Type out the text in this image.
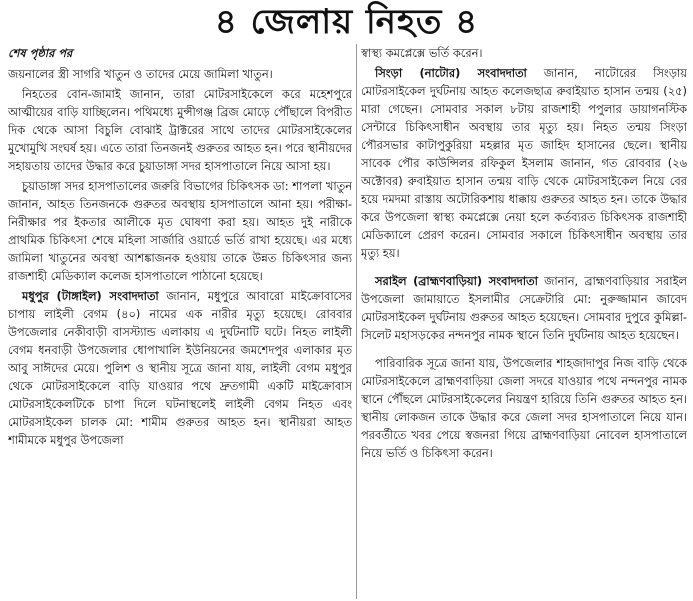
৪ জেলায় নিহত ৪
শেষ পৃষ্ঠার পর

জয়নালের স্ত্রী সাগরি খাতুন ও তাদের মেয়ে জামিলা খাতুন।

নিহতের বোন-জামাই জানান, তারা মোটরসাইকেলে করে মহেশপুরে আত্মীয়ের বাড়ি যাচ্ছিলেন। পথিমধ্যে মুন্সীগঞ্জ ব্রিজ মোড়ে পৌঁছালে বিপরীত দিক থেকে আসা বিচুলি বোঝাই ট্রাক্টরের সাথে তাদের মোটরসাইকেলের মুখোমুখি সংঘর্ষ হয়। এতে তারা তিনজনই গুরুতর আহত হন। পরে স্থানীয়দের সহায়তায় তাদের উদ্ধার করে চুয়াডাঙ্গা সদর হাসপাতালে নিয়ে আসা হয়।

চুয়াডাঙ্গা সদর হাসপাতালের জরুরি বিভাগের চিকিৎসক ডা: শাপলা খাতুন জানান, আহত তিনজনকে গুরুতর অবস্থায় হাসপাতালে আনা হয়। পরীক্ষা-নিরীক্ষার পর ইকতার আলীকে মৃত ঘোষণা করা হয়। আহত দুই নারীকে প্রাথমিক চিকিৎসা শেষে মহিলা সার্জারি ওয়ার্ডে ভর্তি রাখা হয়েছে। এর মধ্যে জামিলা খাতুনের অবস্থা আশঙ্কাজনক হওয়ায় তাকে উন্নত চিকিৎসার জন্য রাজশাহী মেডিক্যাল কলেজ হাসপাতালে পাঠানো হয়েছে।

মধুপুর (টাঙ্গাইল) সংবাদদাতা জানান, মধুপুরে আবারো মাইক্রোবাসের চাপায় লাইলী বেগম (৪০) নামের এক নারীর মৃত্যু হয়েছে। রোববার উপজেলার নেকীবাড়ী বাসস্ট্যান্ড এলাকায় এ দুর্ঘটনাটি ঘটে। নিহত লাইলী বেগম ধনবাড়ী উপজেলার ধোপাখালি ইউনিয়নের জমশেদপুর এলাকার মৃত আবু সাঈদের মেয়ে। পুলিশ ও স্থানীয় সূত্রে জানা যায়, লাইলী বেগম মধুপুর থেকে মোটরসাইকেলে বাড়ি যাওয়ার পথে দ্রুতগামী একটি মাইক্রোবাস মোটরসাইকেলটিকে চাপা দিলে ঘটনাস্থলেই লাইলী বেগম নিহত এবং মোটরসাইকেল চালক মো: শামীম গুরুতর আহত হন। স্থানীয়রা আহত শামীমকে মধুপুর উপজেলা

স্বাস্থ্য কমপ্লেক্সে ভর্তি করেন।

সিংড়া (নাটোর) সংবাদদাতা জানান, নাটোরের সিংড়ায় মোটরসাইকেল দুর্ঘটনায় আহত কলেজছাত্র রুবাইয়াত হাসান তন্ময় (২৫) মারা গেছেন। সোমবার সকাল ৮টায় রাজশাহী পপুলার ডায়াগনস্টিক সেন্টারে চিকিৎসাধীন অবস্থায় তার মৃত্যু হয়। নিহত তন্ময় সিংড়া পৌরসভার কাটাপুকুরিয়া মহল্লার মৃত জাহিদ হাসানের ছেলে। স্থানীয় সাবেক পৌর কাউন্সিলর রফিকুল ইসলাম জানান, গত রোববার (২৬ অক্টোবর) রুবাইয়াত হাসান তন্ময় বাড়ি থেকে মোটরসাইকেল নিয়ে বের হয়ে দমদমা রাস্তায় অটোরিকশায় ধাক্কায় গুরুতর আহত হন। তাকে উদ্ধার করে উপজেলা স্বাস্থ্য কমপ্লেক্সে নেয়া হলে কর্তব্যরত চিকিৎসক রাজশাহী মেডিক্যালে প্রেরণ করেন। সোমবার সকালে চিকিৎসাধীন অবস্থায় তার মৃত্যু হয়।

সরাইল (ব্রাহ্মণবাড়িয়া) সংবাদদাতা জানান, ব্রাহ্মণবাড়িয়ার সরাইল উপজেলা জামায়াতে ইসলামীর সেক্রেটারি মো: নুরুজ্জামান জাবেদ মোটরসাইকেল দুর্ঘটনায় গুরুতর আহত হয়েছেন। সোমবার দুপুরে কুমিল্লা-সিলেট মহাসড়কের নন্দনপুর নামক স্থানে তিনি দুর্ঘটনায় আহত হয়েছেন।

পারিবারিক সূত্রে জানা যায়, উপজেলার শাহজাদাপুর নিজ বাড়ি থেকে মোটরসাইকেলে ব্রাহ্মণবাড়িয়া জেলা সদরে যাওয়ার পথে নন্দনপুর নামক স্থানে পৌঁছলে মোটরসাইকেলের নিয়ন্ত্রণ হারিয়ে তিনি গুরুতর আহত হন। স্থানীয় লোকজন তাকে উদ্ধার করে জেলা সদর হাসপাতালে নিয়ে যান। পরবর্তীতে খবর পেয়ে স্বজনরা গিয়ে ব্রাহ্মণবাড়িয়া নোবেল হাসপাতালে নিয়ে ভর্তি ও চিকিৎসা করেন।
